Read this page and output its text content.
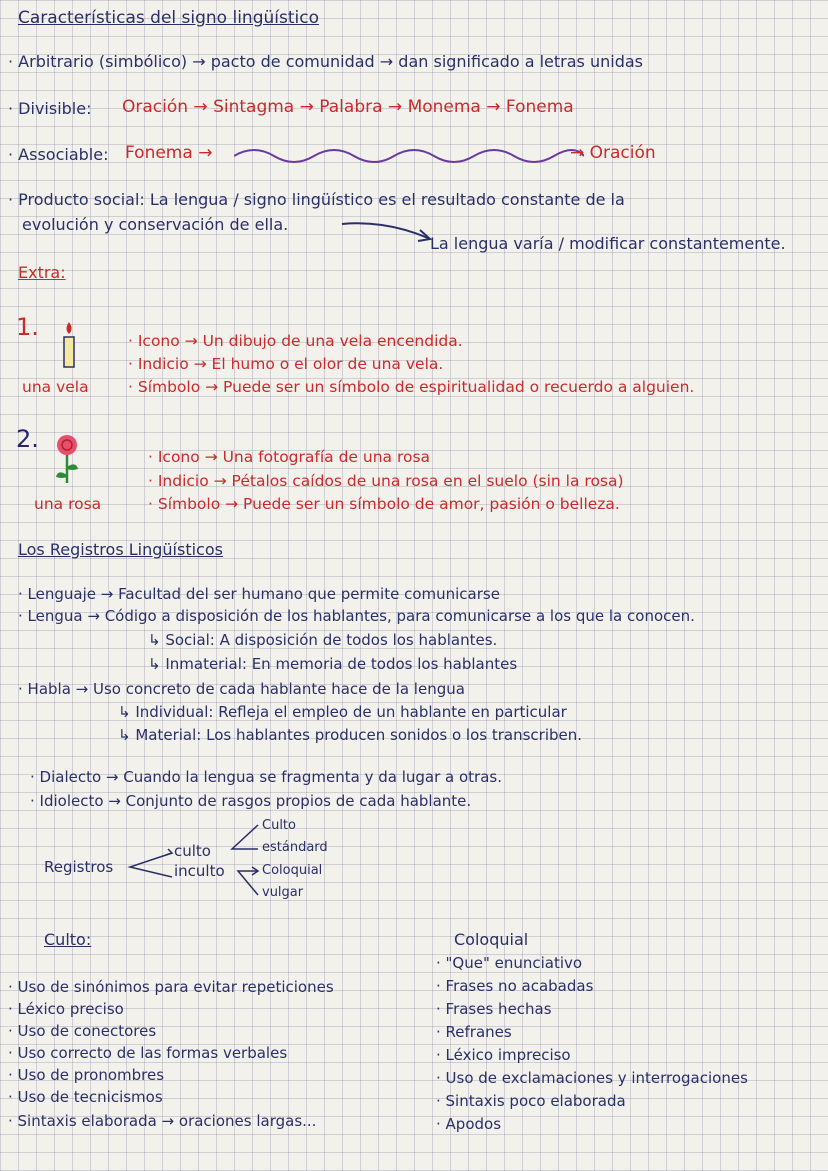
Características del signo lingüístico
· Arbitrario (simbólico) → pacto de comunidad → dan significado a letras unidas
· Divisible: Oración → Sintagma → Palabra → Monema → Fonema
· Associable: Fonema →	→ Oración
· Producto social: La lengua / signo lingüístico es el resultado constante de la
evolución y conservación de ella.
La lengua varía / modificar constantemente.
Extra:
1.	· Icono → Un dibujo de una vela encendida.
· Indicio → El humo o el olor de una vela.
una vela	· Símbolo → Puede ser un símbolo de espiritualidad o recuerdo a alguien.
2.
· Icono → Una fotografía de una rosa
· Indicio → Pétalos caídos de una rosa en el suelo (sin la rosa)
una rosa	· Símbolo → Puede ser un símbolo de amor, pasión o belleza.
Los Registros Lingüísticos
· Lenguaje → Facultad del ser humano que permite comunicarse
· Lengua → Código a disposición de los hablantes, para comunicarse a los que la conocen.
↳ Social: A disposición de todos los hablantes.
↳ Inmaterial: En memoria de todos los hablantes
· Habla → Uso concreto de cada hablante hace de la lengua
↳ Individual: Refleja el empleo de un hablante en particular
↳ Material: Los hablantes producen sonidos o los transcriben.
· Dialecto → Cuando la lengua se fragmenta y da lugar a otras.
· Idiolecto → Conjunto de rasgos propios de cada hablante.
Registros
culto
inculto
Culto
estándard
Coloquial
vulgar
Culto:
· Uso de sinónimos para evitar repeticiones
· Léxico preciso
· Uso de conectores
· Uso correcto de las formas verbales
· Uso de pronombres
· Uso de tecnicismos
· Sintaxis elaborada → oraciones largas...
Coloquial
· "Que" enunciativo
· Frases no acabadas
· Frases hechas
· Refranes
· Léxico impreciso
· Uso de exclamaciones y interrogaciones
· Sintaxis poco elaborada
· Apodos
